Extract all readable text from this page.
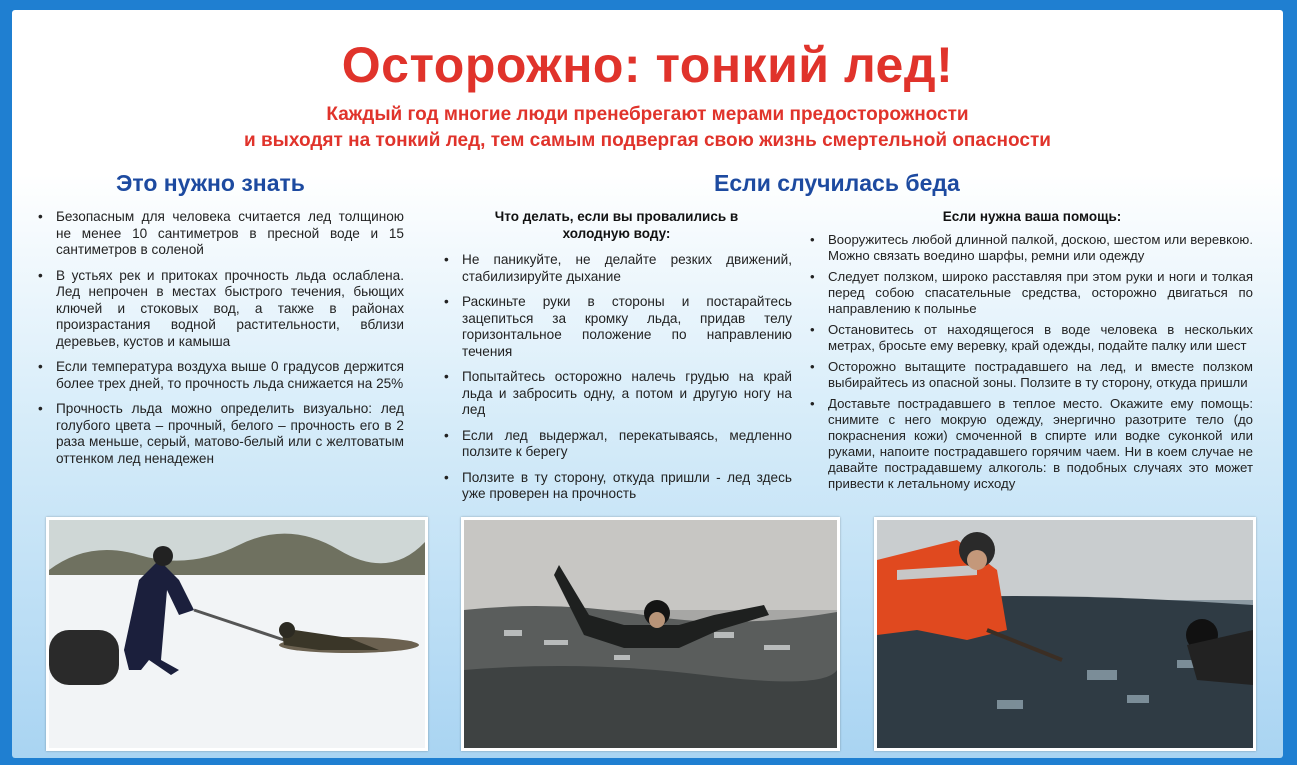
Осторожно: тонкий лед!
Каждый год многие люди пренебрегают мерами предосторожности
и выходят на тонкий лед, тем самым подвергая свою жизнь смертельной опасности
Это нужно знать
• Безопасным для человека считается лед толщиною не менее 10 сантиметров в пресной воде и 15 сантиметров в соленой
• В устьях рек и притоках прочность льда ослаблена. Лед непрочен в местах быстрого течения, бьющих ключей и стоковых вод, а также в районах произрастания водной растительности, вблизи деревьев, кустов и камыша
• Если температура воздуха выше 0 градусов держится более трех дней, то прочность льда снижается на 25%
• Прочность льда можно определить визуально: лед голубого цвета – прочный, белого – прочность его в 2 раза меньше, серый, матово-белый или с желтоватым оттенком лед ненадежен
Если случилась беда
Что делать, если вы провалились в холодную воду:
• Не паникуйте, не делайте резких движений, стабилизируйте дыхание
• Раскиньте руки в стороны и постарайтесь зацепиться за кромку льда, придав телу горизонтальное положение по направлению течения
• Попытайтесь осторожно налечь грудью на край льда и забросить одну, а потом и другую ногу на лед
• Если лед выдержал, перекатываясь, медленно ползите к берегу
• Ползите в ту сторону, откуда пришли - лед здесь уже проверен на прочность
Если нужна ваша помощь:
• Вооружитесь любой длинной палкой, доскою, шестом или веревкою. Можно связать воедино шарфы, ремни или одежду
• Следует ползком, широко расставляя при этом руки и ноги и толкая перед собою спасательные средства, осторожно двигаться по направлению к полынье
• Остановитесь от находящегося в воде человека в нескольких метрах, бросьте ему веревку, край одежды, подайте палку или шест
• Осторожно вытащите пострадавшего на лед, и вместе ползком выбирайтесь из опасной зоны. Ползите в ту сторону, откуда пришли
• Доставьте пострадавшего в теплое место. Окажите ему помощь: снимите с него мокрую одежду, энергично разотрите тело (до покраснения кожи) смоченной в спирте или водке суконкой или руками, напоите пострадавшего горячим чаем. Ни в коем случае не давайте пострадавшему алкоголь: в подобных случаях это может привести к летальному исходу
